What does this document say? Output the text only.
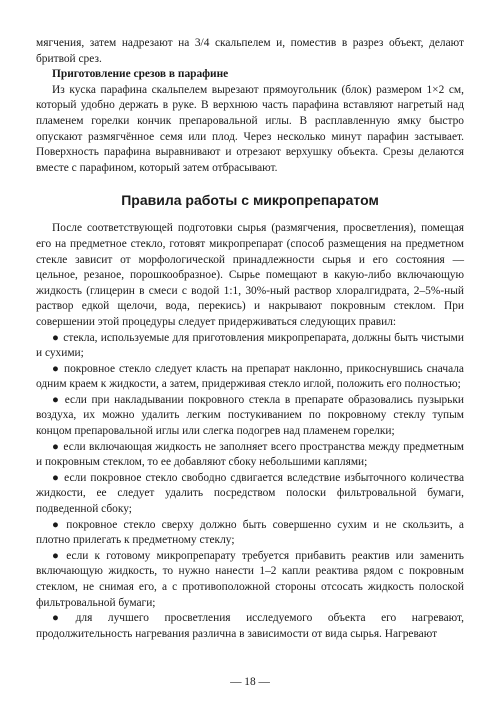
мягчения, затем надрезают на 3/4 скальпелем и, поместив в разрез объект, делают бритвой срез.

Приготовление срезов в парафине

Из куска парафина скальпелем вырезают прямоугольник (блок) размером 1×2 см, который удобно держать в руке. В верхнюю часть парафина вставляют нагретый над пламенем горелки кончик препаровальной иглы. В расплавленную ямку быстро опускают размягчённое семя или плод. Через несколько минут парафин застывает. Поверхность парафина выравнивают и отрезают верхушку объекта. Срезы делаются вместе с парафином, который затем отбрасывают.

Правила работы с микропрепаратом

После соответствующей подготовки сырья (размягчения, просветления), помещая его на предметное стекло, готовят микропрепарат (способ размещения на предметном стекле зависит от морфологической принадлежности сырья и его состояния — цельное, резаное, порошкообразное). Сырье помещают в какую-либо включающую жидкость (глицерин в смеси с водой 1:1, 30%-ный раствор хлоралгидрата, 2–5%-ный раствор едкой щелочи, вода, перекись) и накрывают покровным стеклом. При совершении этой процедуры следует придерживаться следующих правил:

● стекла, используемые для приготовления микропрепарата, должны быть чистыми и сухими;

● покровное стекло следует класть на препарат наклонно, прикоснувшись сначала одним краем к жидкости, а затем, придерживая стекло иглой, положить его полностью;

● если при накладывании покровного стекла в препарате образовались пузырьки воздуха, их можно удалить легким постукиванием по покровному стеклу тупым концом препаровальной иглы или слегка подогрев над пламенем горелки;

● если включающая жидкость не заполняет всего пространства между предметным и покровным стеклом, то ее добавляют сбоку небольшими каплями;

● если покровное стекло свободно сдвигается вследствие избыточного количества жидкости, ее следует удалить посредством полоски фильтровальной бумаги, подведенной сбоку;

● покровное стекло сверху должно быть совершенно сухим и не скользить, а плотно прилегать к предметному стеклу;

● если к готовому микропрепарату требуется прибавить реактив или заменить включающую жидкость, то нужно нанести 1–2 капли реактива рядом с покровным стеклом, не снимая его, а с противоположной стороны отсосать жидкость полоской фильтровальной бумаги;

● для лучшего просветления исследуемого объекта его нагревают, продолжительность нагревания различна в зависимости от вида сырья. Нагревают

— 18 —
